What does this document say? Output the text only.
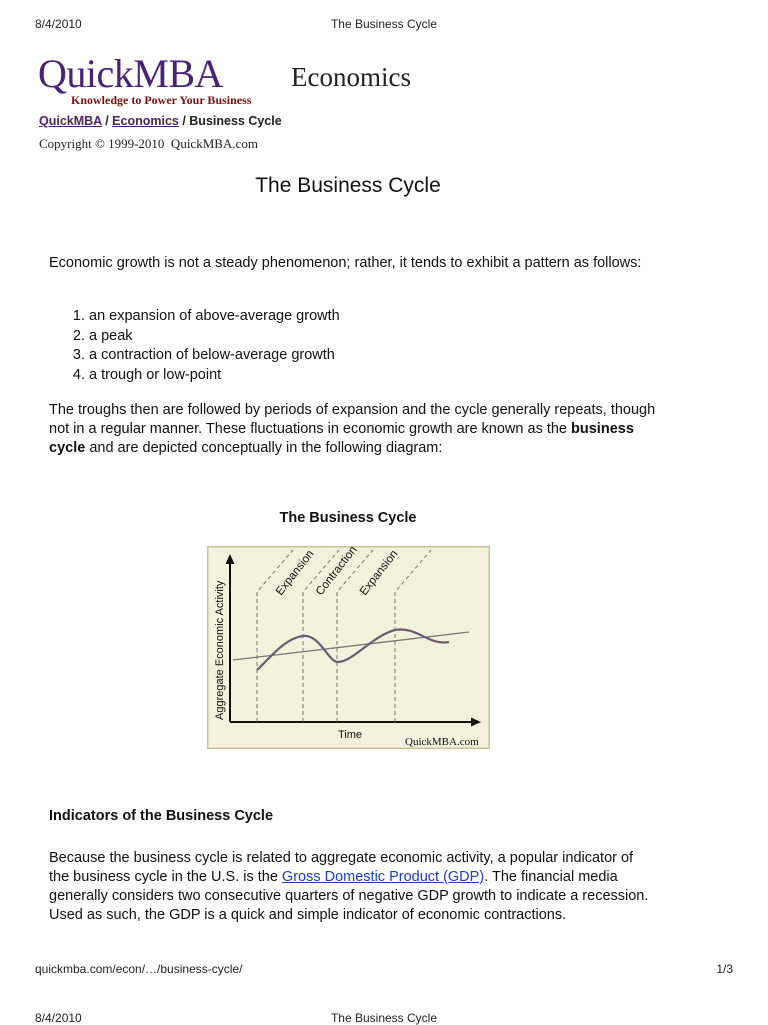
8/4/2010	The Business Cycle
QuickMBA
Knowledge to Power Your Business
Economics
QuickMBA / Economics / Business Cycle
Copyright © 1999-2010  QuickMBA.com
The Business Cycle
Economic growth is not a steady phenomenon; rather, it tends to exhibit a pattern as follows:
1. an expansion of above-average growth
2. a peak
3. a contraction of below-average growth
4. a trough or low-point
The troughs then are followed by periods of expansion and the cycle generally repeats, though not in a regular manner. These fluctuations in economic growth are known as the business cycle and are depicted conceptually in the following diagram:
The Business Cycle
Expansion
Contraction
Expansion
Aggregate Economic Activity
Time
QuickMBA.com
Indicators of the Business Cycle
Because the business cycle is related to aggregate economic activity, a popular indicator of the business cycle in the U.S. is the Gross Domestic Product (GDP). The financial media generally considers two consecutive quarters of negative GDP growth to indicate a recession. Used as such, the GDP is a quick and simple indicator of economic contractions.
quickmba.com/econ/…/business-cycle/	1/3
8/4/2010	The Business Cycle
